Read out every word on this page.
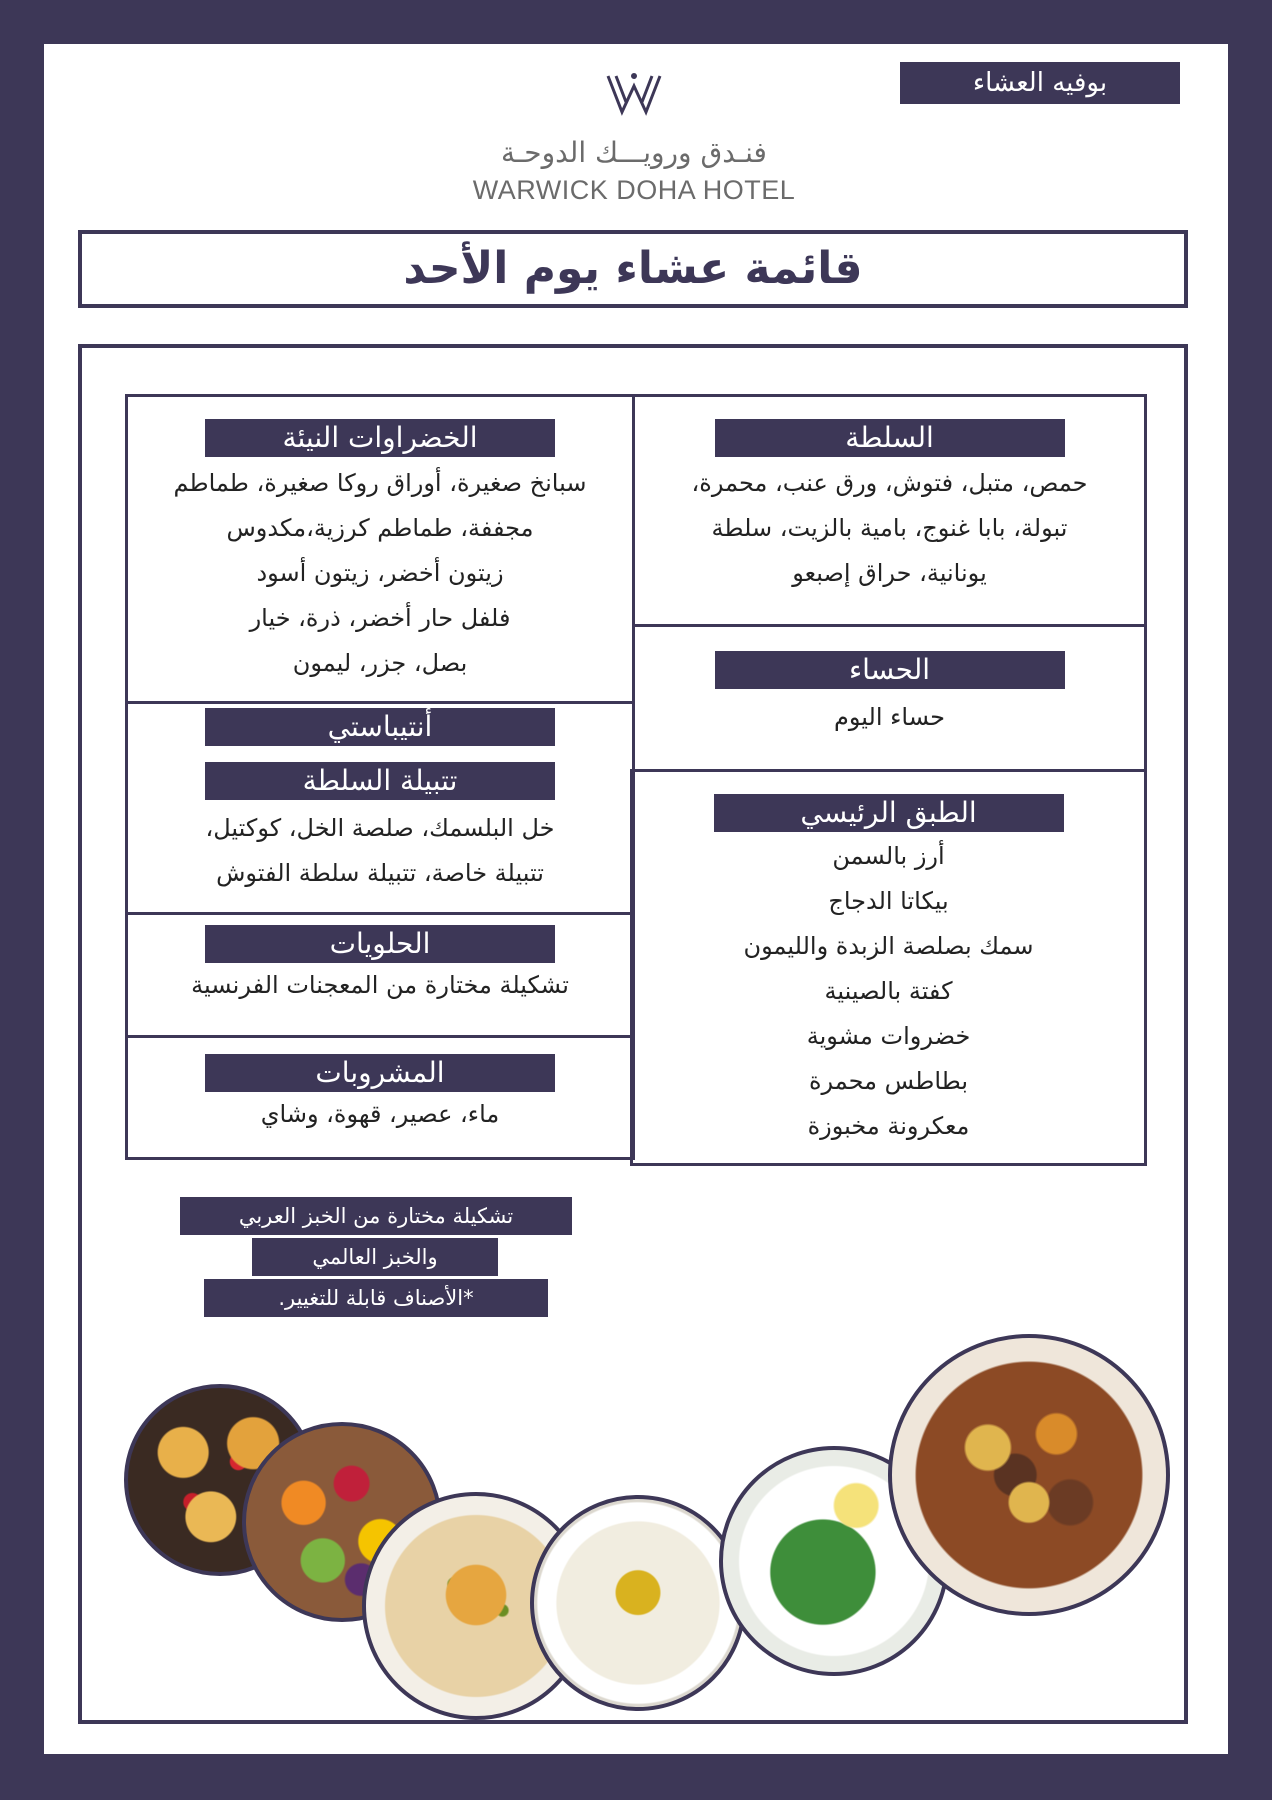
بوفيه العشاء
فنـدق ورويـــك الدوحـة
WARWICK DOHA HOTEL
قائمة عشاء يوم الأحد
السلطة
حمص، متبل، فتوش، ورق عنب، محمرة،
تبولة، بابا غنوج، بامية بالزيت، سلطة
يونانية، حراق إصبعو
الحساء
حساء اليوم
الطبق الرئيسي
أرز بالسمن
بيكاتا الدجاج
سمك بصلصة الزبدة والليمون
كفتة بالصينية
خضروات مشوية
بطاطس محمرة
معكرونة مخبوزة
الخضراوات النيئة
سبانخ صغيرة، أوراق روكا صغيرة، طماطم
مجففة، طماطم كرزية،مكدوس
زيتون أخضر، زيتون أسود
فلفل حار أخضر، ذرة، خيار
بصل، جزر، ليمون
أنتيباستي
تتبيلة السلطة
خل البلسمك، صلصة الخل، كوكتيل،
تتبيلة خاصة، تتبيلة سلطة الفتوش
الحلويات
تشكيلة مختارة من المعجنات الفرنسية
المشروبات
ماء، عصير، قهوة، وشاي
تشكيلة مختارة من الخبز العربي
والخبز العالمي
*الأصناف قابلة للتغيير.
